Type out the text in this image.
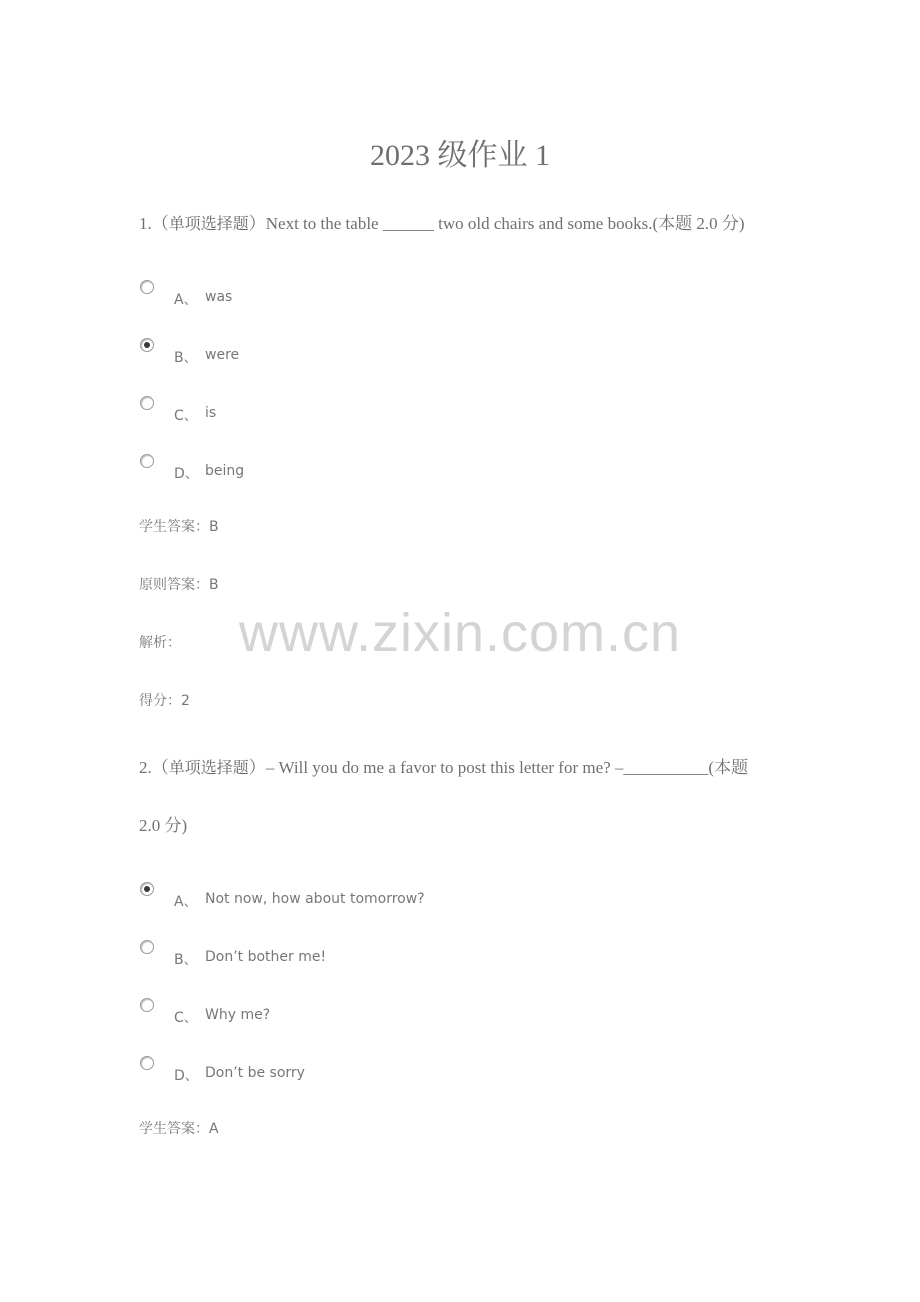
2023 级作业 1
1.（单项选择题）Next to the table ______ two old chairs and some books.(本题 2.0 分)
A、 was
B、 were
C、 is
D、 being
学生答案：B
原则答案：B
解析：
得分：2
www.zixin.com.cn
2.（单项选择题）– Will you do me a favor to post this letter for me? –__________(本题
2.0 分)
A、 Not now, how about tomorrow?
B、 Don’t bother me!
C、 Why me?
D、 Don’t be sorry
学生答案：A
